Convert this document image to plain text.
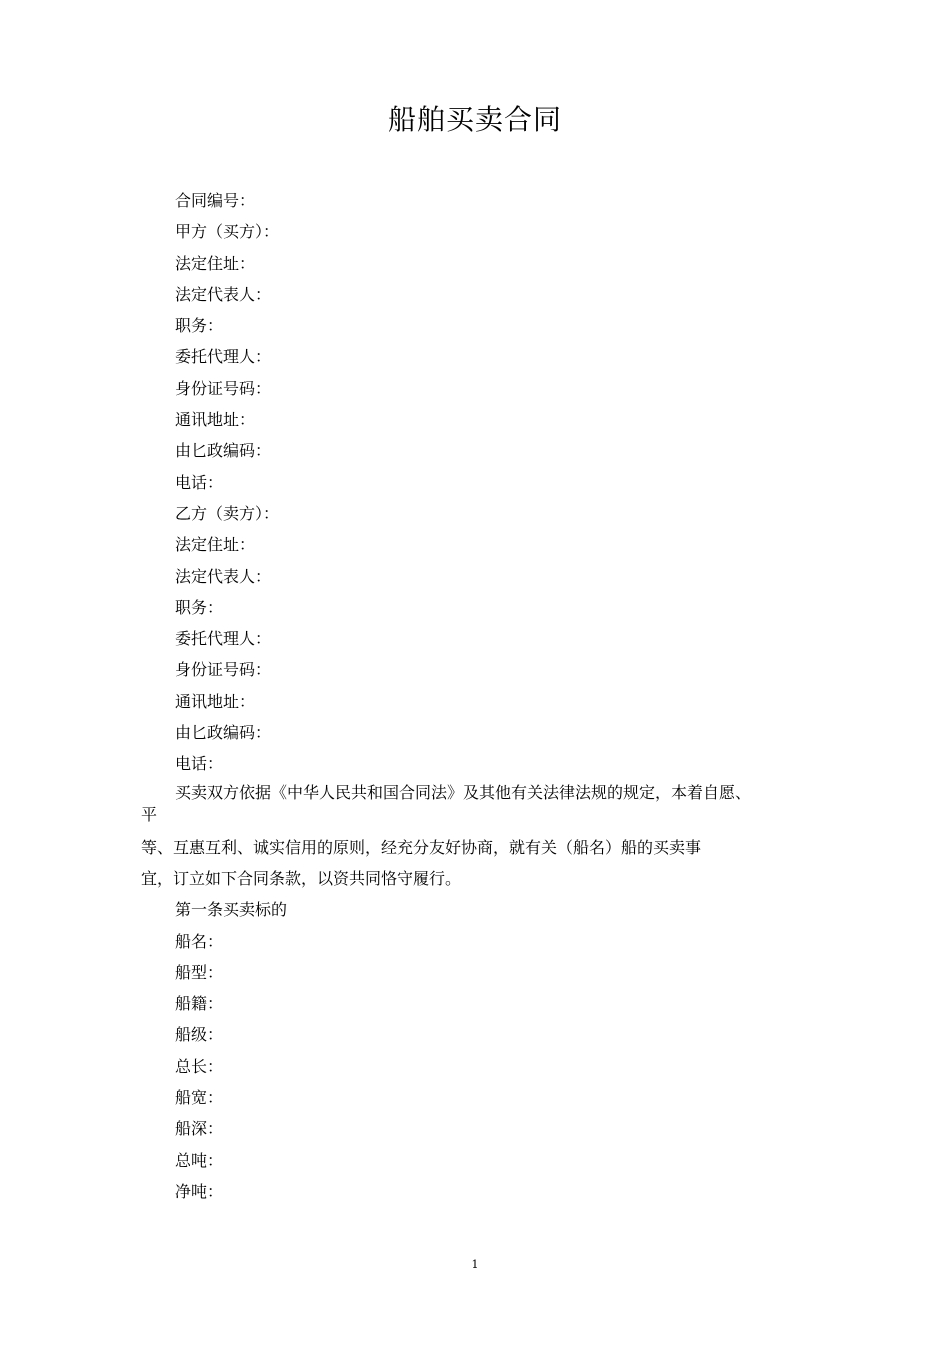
船舶买卖合同
合同编号：
甲方（买方）：
法定住址：
法定代表人：
职务：
委托代理人：
身份证号码：
通讯地址：
由匕政编码：
电话：
乙方（卖方）：
法定住址：
法定代表人：
职务：
委托代理人：
身份证号码：
通讯地址：
由匕政编码：
电话：
买卖双方依据《中华人民共和国合同法》及其他有关法律法规的规定，本着自愿、
平
等、互惠互利、诚实信用的原则，经充分友好协商，就有关（船名）船的买卖事
宜，订立如下合同条款，以资共同恪守履行。
第一条买卖标的
船名：
船型：
船籍：
船级：
总长：
船宽：
船深：
总吨：
净吨：
1
